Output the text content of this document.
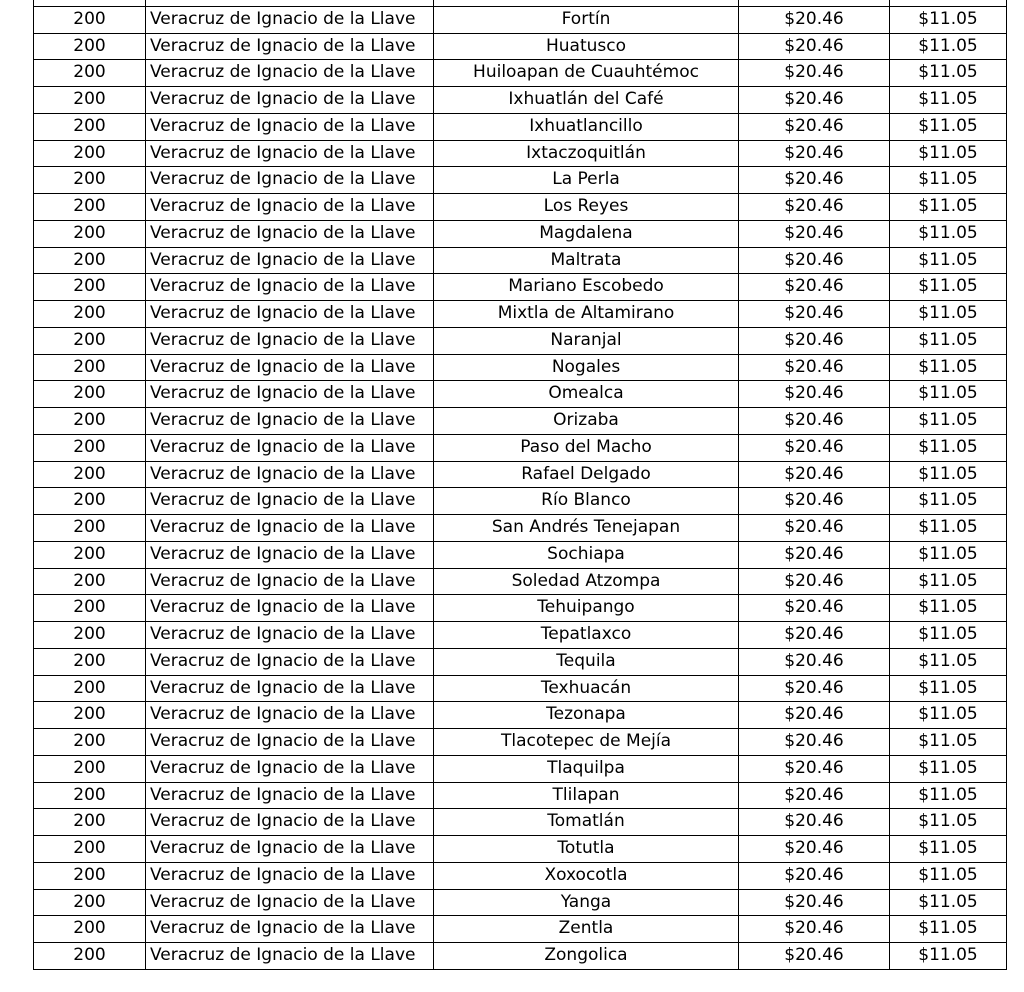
200	Veracruz de Ignacio de la Llave	Fortín	$20.46	$11.05
200	Veracruz de Ignacio de la Llave	Huatusco	$20.46	$11.05
200	Veracruz de Ignacio de la Llave	Huiloapan de Cuauhtémoc	$20.46	$11.05
200	Veracruz de Ignacio de la Llave	Ixhuatlán del Café	$20.46	$11.05
200	Veracruz de Ignacio de la Llave	Ixhuatlancillo	$20.46	$11.05
200	Veracruz de Ignacio de la Llave	Ixtaczoquitlán	$20.46	$11.05
200	Veracruz de Ignacio de la Llave	La Perla	$20.46	$11.05
200	Veracruz de Ignacio de la Llave	Los Reyes	$20.46	$11.05
200	Veracruz de Ignacio de la Llave	Magdalena	$20.46	$11.05
200	Veracruz de Ignacio de la Llave	Maltrata	$20.46	$11.05
200	Veracruz de Ignacio de la Llave	Mariano Escobedo	$20.46	$11.05
200	Veracruz de Ignacio de la Llave	Mixtla de Altamirano	$20.46	$11.05
200	Veracruz de Ignacio de la Llave	Naranjal	$20.46	$11.05
200	Veracruz de Ignacio de la Llave	Nogales	$20.46	$11.05
200	Veracruz de Ignacio de la Llave	Omealca	$20.46	$11.05
200	Veracruz de Ignacio de la Llave	Orizaba	$20.46	$11.05
200	Veracruz de Ignacio de la Llave	Paso del Macho	$20.46	$11.05
200	Veracruz de Ignacio de la Llave	Rafael Delgado	$20.46	$11.05
200	Veracruz de Ignacio de la Llave	Río Blanco	$20.46	$11.05
200	Veracruz de Ignacio de la Llave	San Andrés Tenejapan	$20.46	$11.05
200	Veracruz de Ignacio de la Llave	Sochiapa	$20.46	$11.05
200	Veracruz de Ignacio de la Llave	Soledad Atzompa	$20.46	$11.05
200	Veracruz de Ignacio de la Llave	Tehuipango	$20.46	$11.05
200	Veracruz de Ignacio de la Llave	Tepatlaxco	$20.46	$11.05
200	Veracruz de Ignacio de la Llave	Tequila	$20.46	$11.05
200	Veracruz de Ignacio de la Llave	Texhuacán	$20.46	$11.05
200	Veracruz de Ignacio de la Llave	Tezonapa	$20.46	$11.05
200	Veracruz de Ignacio de la Llave	Tlacotepec de Mejía	$20.46	$11.05
200	Veracruz de Ignacio de la Llave	Tlaquilpa	$20.46	$11.05
200	Veracruz de Ignacio de la Llave	Tlilapan	$20.46	$11.05
200	Veracruz de Ignacio de la Llave	Tomatlán	$20.46	$11.05
200	Veracruz de Ignacio de la Llave	Totutla	$20.46	$11.05
200	Veracruz de Ignacio de la Llave	Xoxocotla	$20.46	$11.05
200	Veracruz de Ignacio de la Llave	Yanga	$20.46	$11.05
200	Veracruz de Ignacio de la Llave	Zentla	$20.46	$11.05
200	Veracruz de Ignacio de la Llave	Zongolica	$20.46	$11.05
